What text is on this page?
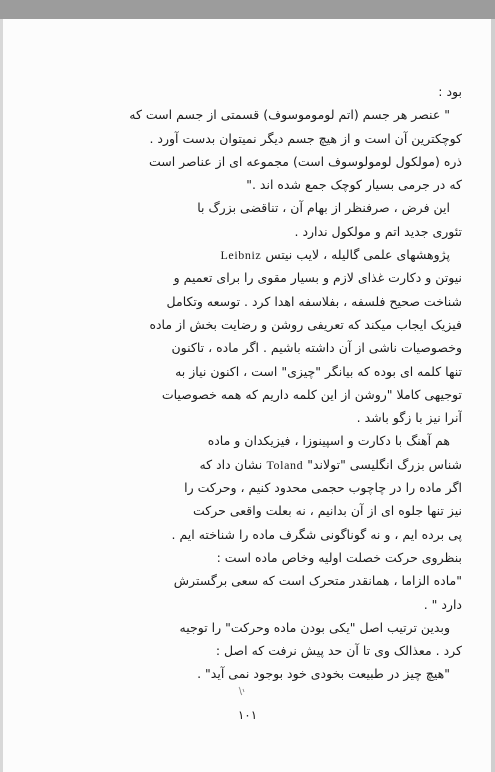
بود :
" عنصر هر جسم (اتم لوموموسوف) قسمتی از جسم است که
کوچکترین آن است و از هیچ جسم دیگر نمیتوان بدست آورد .
ذره (مولکول لومولوسوف است) مجموعه ای از عناصر است
که در جرمی بسیار کوچک جمع شده اند ."
این فرض ، صرفنظر از بهام آن ، تناقضی بزرگ با
تئوری جدید اتم و مولکول ندارد .
پژوهشهای علمی گالیله ، لایب نیتس Leibniz
نیوتن و دکارت غذای لازم و بسیار مقوی را برای تعمیم و
شناخت صحیح فلسفه ، بفلاسفه اهدا کرد . توسعه وتکامل
فیزیک ایجاب میکند که تعریفی روشن و رضایت بخش از ماده
وخصوصیات ناشی از آن داشته باشیم . اگر ماده ، تاکنون
تنها کلمه ای بوده که بیانگر "چیزی" است ، اکنون نیاز به
توجیهی کاملا "روشن از این کلمه داریم که همه خصوصیات
آنرا نیز با زگو باشد .
هم آهنگ با دکارت و اسپینوزا ، فیزیکدان و ماده
شناس بزرگ انگلیسی "تولاند" Toland نشان داد که
اگر ماده را در چاچوب حجمی محدود کنیم ، وحرکت را
نیز تنها جلوه ای از آن بدانیم ، نه بعلت واقعی حرکت
پی برده ایم ، و نه گوناگونی شگرف ماده را شناخته ایم .
بنظروی حرکت خصلت اولیه وخاص ماده است :
"ماده الزاما ، همانقدر متحرک است که سعی برگسترش
دارد " .
وبدین ترتیب اصل "یکی بودن ماده وحرکت" را توجیه
کرد . معذالک وی تا آن حد پیش نرفت که اصل :
"هیچ چیز در طبیعت بخودی خود بوجود نمی آید" .
۱۰۱
